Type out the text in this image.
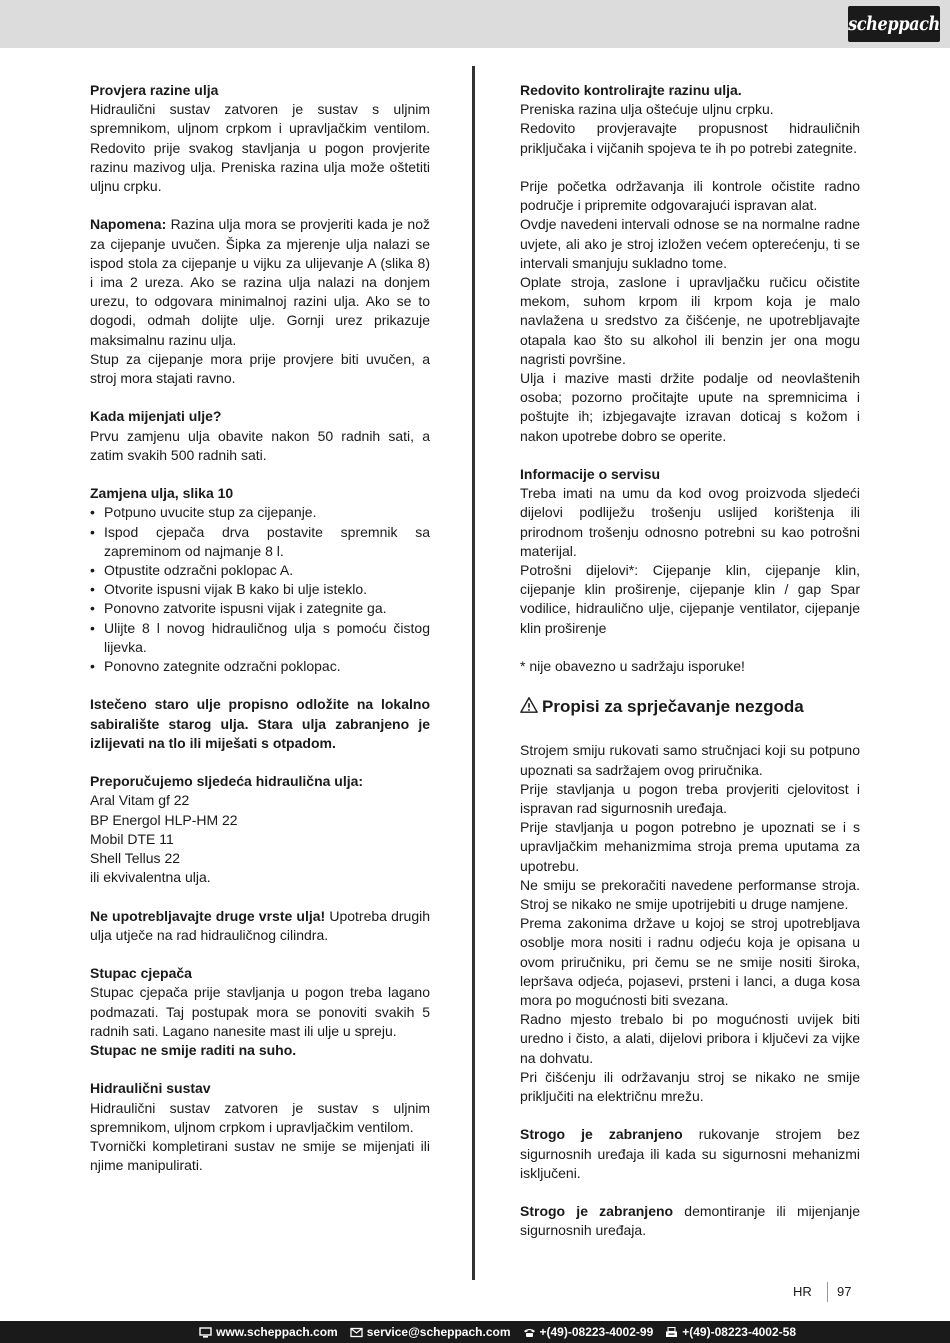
scheppach

Provjera razine ulja

Hidraulični sustav zatvoren je sustav s uljnim spremnikom, uljnom crpkom i upravljačkim ventilom. Redovito prije svakog stavljanja u pogon provjerite razinu mazivog ulja. Preniska razina ulja može oštetiti uljnu crpku.

Napomena: Razina ulja mora se provjeriti kada je nož za cijepanje uvučen. Šipka za mjerenje ulja nalazi se ispod stola za cijepanje u vijku za ulijevanje A (slika 8) i ima 2 ureza. Ako se razina ulja nalazi na donjem urezu, to odgovara minimalnoj razini ulja. Ako se to dogodi, odmah dolijte ulje. Gornji urez prikazuje maksimalnu razinu ulja.

Stup za cijepanje mora prije provjere biti uvučen, a stroj mora stajati ravno.

Kada mijenjati ulje?

Prvu zamjenu ulja obavite nakon 50 radnih sati, a zatim svakih 500 radnih sati.

Zamjena ulja, slika 10

• Potpuno uvucite stup za cijepanje.
• Ispod cjepača drva postavite spremnik sa zapreminom od najmanje 8 l.
• Otpustite odzračni poklopac A.
• Otvorite ispusni vijak B kako bi ulje isteklo.
• Ponovno zatvorite ispusni vijak i zategnite ga.
• Ulijte 8 l novog hidrauličnog ulja s pomoću čistog lijevka.
• Ponovno zategnite odzračni poklopac.

Istečeno staro ulje propisno odložite na lokalno sabiralište starog ulja. Stara ulja zabranjeno je izlijevati na tlo ili miješati s otpadom.

Preporučujemo sljedeća hidraulična ulja:

Aral Vitam gf 22

BP Energol HLP-HM 22

Mobil DTE 11

Shell Tellus 22

ili ekvivalentna ulja.

Ne upotrebljavajte druge vrste ulja! Upotreba drugih ulja utječe na rad hidrauličnog cilindra.

Stupac cjepača

Stupac cjepača prije stavljanja u pogon treba lagano podmazati. Taj postupak mora se ponoviti svakih 5 radnih sati. Lagano nanesite mast ili ulje u spreju.

Stupac ne smije raditi na suho.

Hidraulični sustav

Hidraulični sustav zatvoren je sustav s uljnim spremnikom, uljnom crpkom i upravljačkim ventilom.

Tvornički kompletirani sustav ne smije se mijenjati ili njime manipulirati.

Redovito kontrolirajte razinu ulja.

Preniska razina ulja oštećuje uljnu crpku.

Redovito provjeravajte propusnost hidrauličnih priključaka i vijčanih spojeva te ih po potrebi zategnite.

Prije početka održavanja ili kontrole očistite radno područje i pripremite odgovarajući ispravan alat.

Ovdje navedeni intervali odnose se na normalne radne uvjete, ali ako je stroj izložen većem opterećenju, ti se intervali smanjuju sukladno tome.

Oplate stroja, zaslone i upravljačku ručicu očistite mekom, suhom krpom ili krpom koja je malo navlažena u sredstvo za čišćenje, ne upotrebljavajte otapala kao što su alkohol ili benzin jer ona mogu nagristi površine.

Ulja i mazive masti držite podalje od neovlaštenih osoba; pozorno pročitajte upute na spremnicima i poštujte ih; izbjegavajte izravan doticaj s kožom i nakon upotrebe dobro se operite.

Informacije o servisu

Treba imati na umu da kod ovog proizvoda sljedeći dijelovi podliježu trošenju uslijed korištenja ili prirodnom trošenju odnosno potrebni su kao potrošni materijal.

Potrošni dijelovi*: Cijepanje klin, cijepanje klin, cijepanje klin proširenje, cijepanje klin / gap Spar vodilice, hidraulično ulje, cijepanje ventilator, cijepanje klin proširenje

* nije obavezno u sadržaju isporuke!

Propisi za sprječavanje nezgoda

Strojem smiju rukovati samo stručnjaci koji su potpuno upoznati sa sadržajem ovog priručnika.

Prije stavljanja u pogon treba provjeriti cjelovitost i ispravan rad sigurnosnih uređaja.

Prije stavljanja u pogon potrebno je upoznati se i s upravljačkim mehanizmima stroja prema uputama za upotrebu.

Ne smiju se prekoračiti navedene performanse stroja. Stroj se nikako ne smije upotrijebiti u druge namjene.

Prema zakonima države u kojoj se stroj upotrebljava osoblje mora nositi i radnu odjeću koja je opisana u ovom priručniku, pri čemu se ne smije nositi široka, lepršava odjeća, pojasevi, prsteni i lanci, a duga kosa mora po mogućnosti biti svezana.

Radno mjesto trebalo bi po mogućnosti uvijek biti uredno i čisto, a alati, dijelovi pribora i ključevi za vijke na dohvatu.

Pri čišćenju ili održavanju stroj se nikako ne smije priključiti na električnu mrežu.

Strogo je zabranjeno rukovanje strojem bez sigurnosnih uređaja ili kada su sigurnosni mehanizmi isključeni.

Strogo je zabranjeno demontiranje ili mijenjanje sigurnosnih uređaja.

HR 97
www.scheppach.com service@scheppach.com +(49)-08223-4002-99 +(49)-08223-4002-58
